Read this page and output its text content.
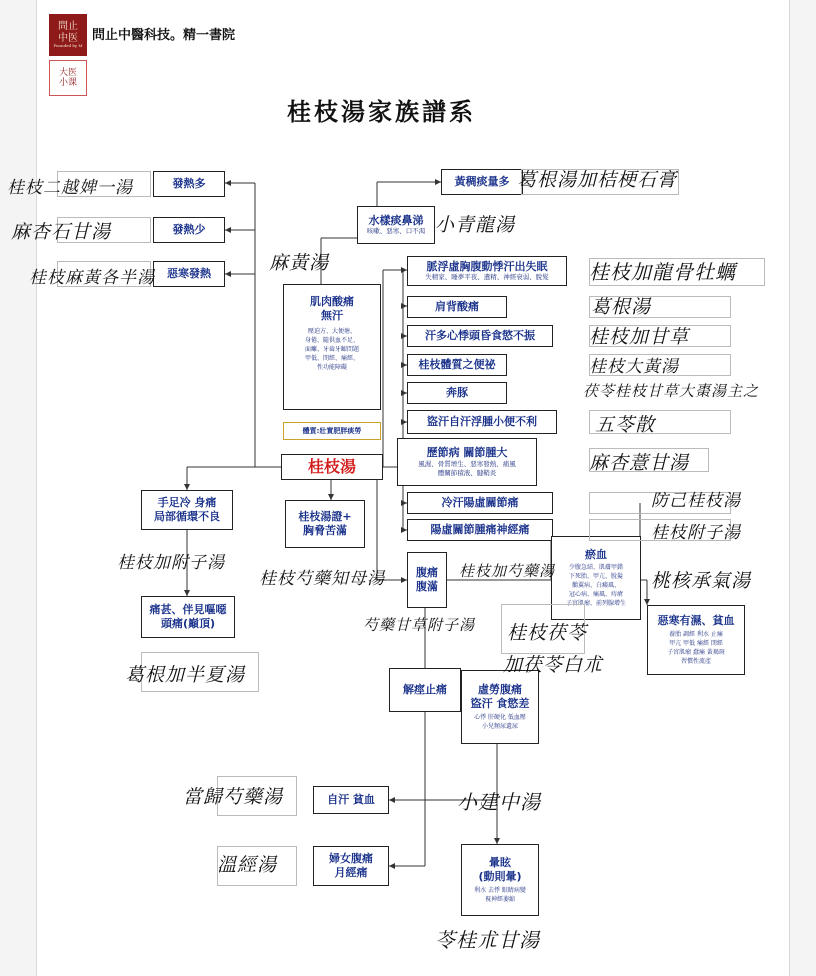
問止
中医
Founded by M
大医
小课
問止中醫科技。精一書院
桂枝湯家族譜系
發熱多
發熱少
惡寒發熱
黃稠痰量多
水樣痰鼻涕
咳嗽、惡寒、口不渴
肌肉酸痛
無汗
壓迫方、大便塘、
身倦、隨供血不足、
面癱、牙齒牙齦問題
甲低、閉經、痛經、
性功能障礙
體質:壯實肥胖痰勞
桂枝湯
脈浮虛胸腹動悸汗出失眠
失精家、睡夢平夜、遺精、神經衰弱、脫髮
肩背酸痛
汗多心悸頭昏食慾不振
桂枝體質之便祕
奔豚
盜汗自汗浮腫小便不利
歷節病 關節腫大
風濕、骨質增生、惡寒發熱、痛風
體關節積液、腱鞘炎
冷汗陽虛關節痛
陽虛關節腫痛神經痛
手足冷 身痛
局部循環不良	桂枝湯證+
胸脅苦滿
腹痛
腹滿
瘀血
少腹急結、肌膚甲錯
下死胎、甲亢、脫髮
鵝翼病、白癜風、
冠心病、痛風、痔瘡
子宮肌瘤、前列腺增生
惡寒有濕、貧血
養胎 調經 利水 止痛
甲亢 甲低 痛經 閉經
子宮肌瘤 蠢痛 黃褐斑
習慣性流產
痛甚、伴見嘔噁
頭痛(巔頂)
解痙止痛	虛勞腹痛
盜汗 食慾差
心悸 肝硬化 低血壓
小兒頻尿遺尿
自汗 貧血
婦女腹痛
月經痛
暈眩
(動則暈)
利水 去悸 眼睛病變
視神經萎縮
桂枝二越婢一湯
麻杏石甘湯
桂枝麻黃各半湯
葛根湯加桔梗石膏
小青龍湯
麻黃湯	桂枝加龍骨牡蠣
葛根湯
桂枝加甘草
桂枝大黃湯
茯苓桂枝甘草大棗湯主之
五苓散
麻杏薏甘湯
防己桂枝湯
桂枝附子湯
桃核承氣湯
桂枝加附子湯
桂枝芍藥知母湯	桂枝加芍藥湯
芍藥甘草附子湯 桂枝茯苓
加茯苓白朮
葛根加半夏湯
當歸芍藥湯	小建中湯
溫經湯
苓桂朮甘湯
